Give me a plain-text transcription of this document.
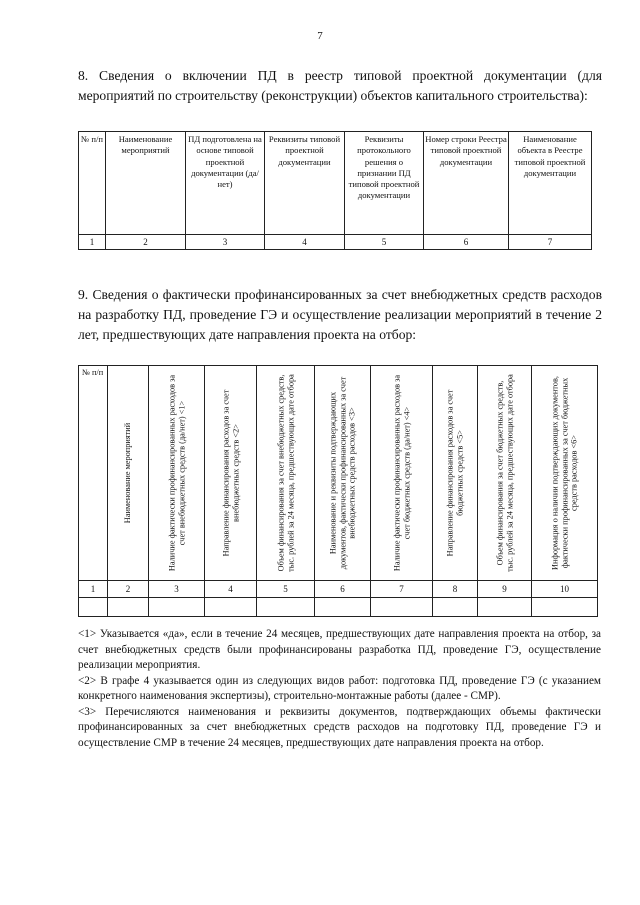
7
8. Сведения о включении ПД в реестр типовой проектной документации (для мероприятий по строительству (реконструкции) объектов капитального строительства):
№ п/п	Наименование мероприятий	ПД подготовлена на основе типовой проектной документации (да/нет)	Реквизиты типовой проектной документации	Реквизиты протокольного решения о признании ПД типовой проектной документации	Номер строки Реестра типовой проектной документации	Наименование объекта в Реестре типовой проектной документации
1	2	3	4	5	6	7
9. Сведения о фактически профинансированных за счет внебюджетных средств расходов на разработку ПД, проведение ГЭ и осуществление реализации мероприятий в течение 2 лет, предшествующих дате направления проекта на отбор:
№ п/п	Наименование мероприятий	Наличие фактически профинансированных расходов за счет внебюджетных средств (да/нет) <1>	Направление финансирования расходов за счет внебюджетных средств <2>	Объем финансирования за счет внебюджетных средств, тыс. рублей за 24 месяца, предшествующих дате отбора	Наименование и реквизиты подтверждающих документов, фактически профинансированных за счет внебюджетных средств расходов <3>	Наличие фактически профинансированных расходов за счет бюджетных средств (да/нет) <4>	Направление финансирования расходов за счет бюджетных средств <5>	Объем финансирования за счет бюджетных средств, тыс. рублей за 24 месяца, предшествующих дате отбора	Информация о наличии подтверждающих документов, фактически профинансированных за счет бюджетных средств расходов <6>

1	2	3	4	5	6	7	8	9	10

<1> Указывается «да», если в течение 24 месяцев, предшествующих дате направления проекта на отбор, за счет внебюджетных средств были профинансированы разработка ПД, проведение ГЭ, осуществление реализации мероприятия.

<2> В графе 4 указывается один из следующих видов работ: подготовка ПД, проведение ГЭ (с указанием конкретного наименования экспертизы), строительно-монтажные работы (далее - СМР).

<3> Перечисляются наименования и реквизиты документов, подтверждающих объемы фактически профинансированных за счет внебюджетных средств расходов на подготовку ПД, проведение ГЭ и осуществление СМР в течение 24 месяцев, предшествующих дате направления проекта на отбор.
